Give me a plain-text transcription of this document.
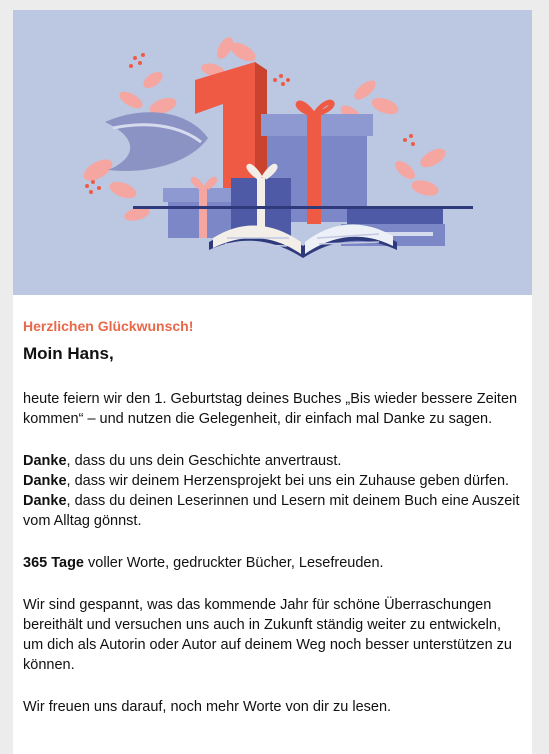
Herzlichen Glückwunsch!
Moin Hans,

heute feiern wir den 1. Geburtstag deines Buches „Bis wieder bessere Zeiten kommen“ – und nutzen die Gelegenheit, dir einfach mal Danke zu sagen.

Danke, dass du uns dein Geschichte anvertraust.

Danke, dass wir deinem Herzensprojekt bei uns ein Zuhause geben dürfen.

Danke, dass du deinen Leserinnen und Lesern mit deinem Buch eine Auszeit vom Alltag gönnst.

365 Tage voller Worte, gedruckter Bücher, Lesefreuden.

Wir sind gespannt, was das kommende Jahr für schöne Überraschungen bereithält und versuchen uns auch in Zukunft ständig weiter zu entwickeln, um dich als Autorin oder Autor auf deinem Weg noch besser unterstützen zu können.

Wir freuen uns darauf, noch mehr Worte von dir zu lesen.
